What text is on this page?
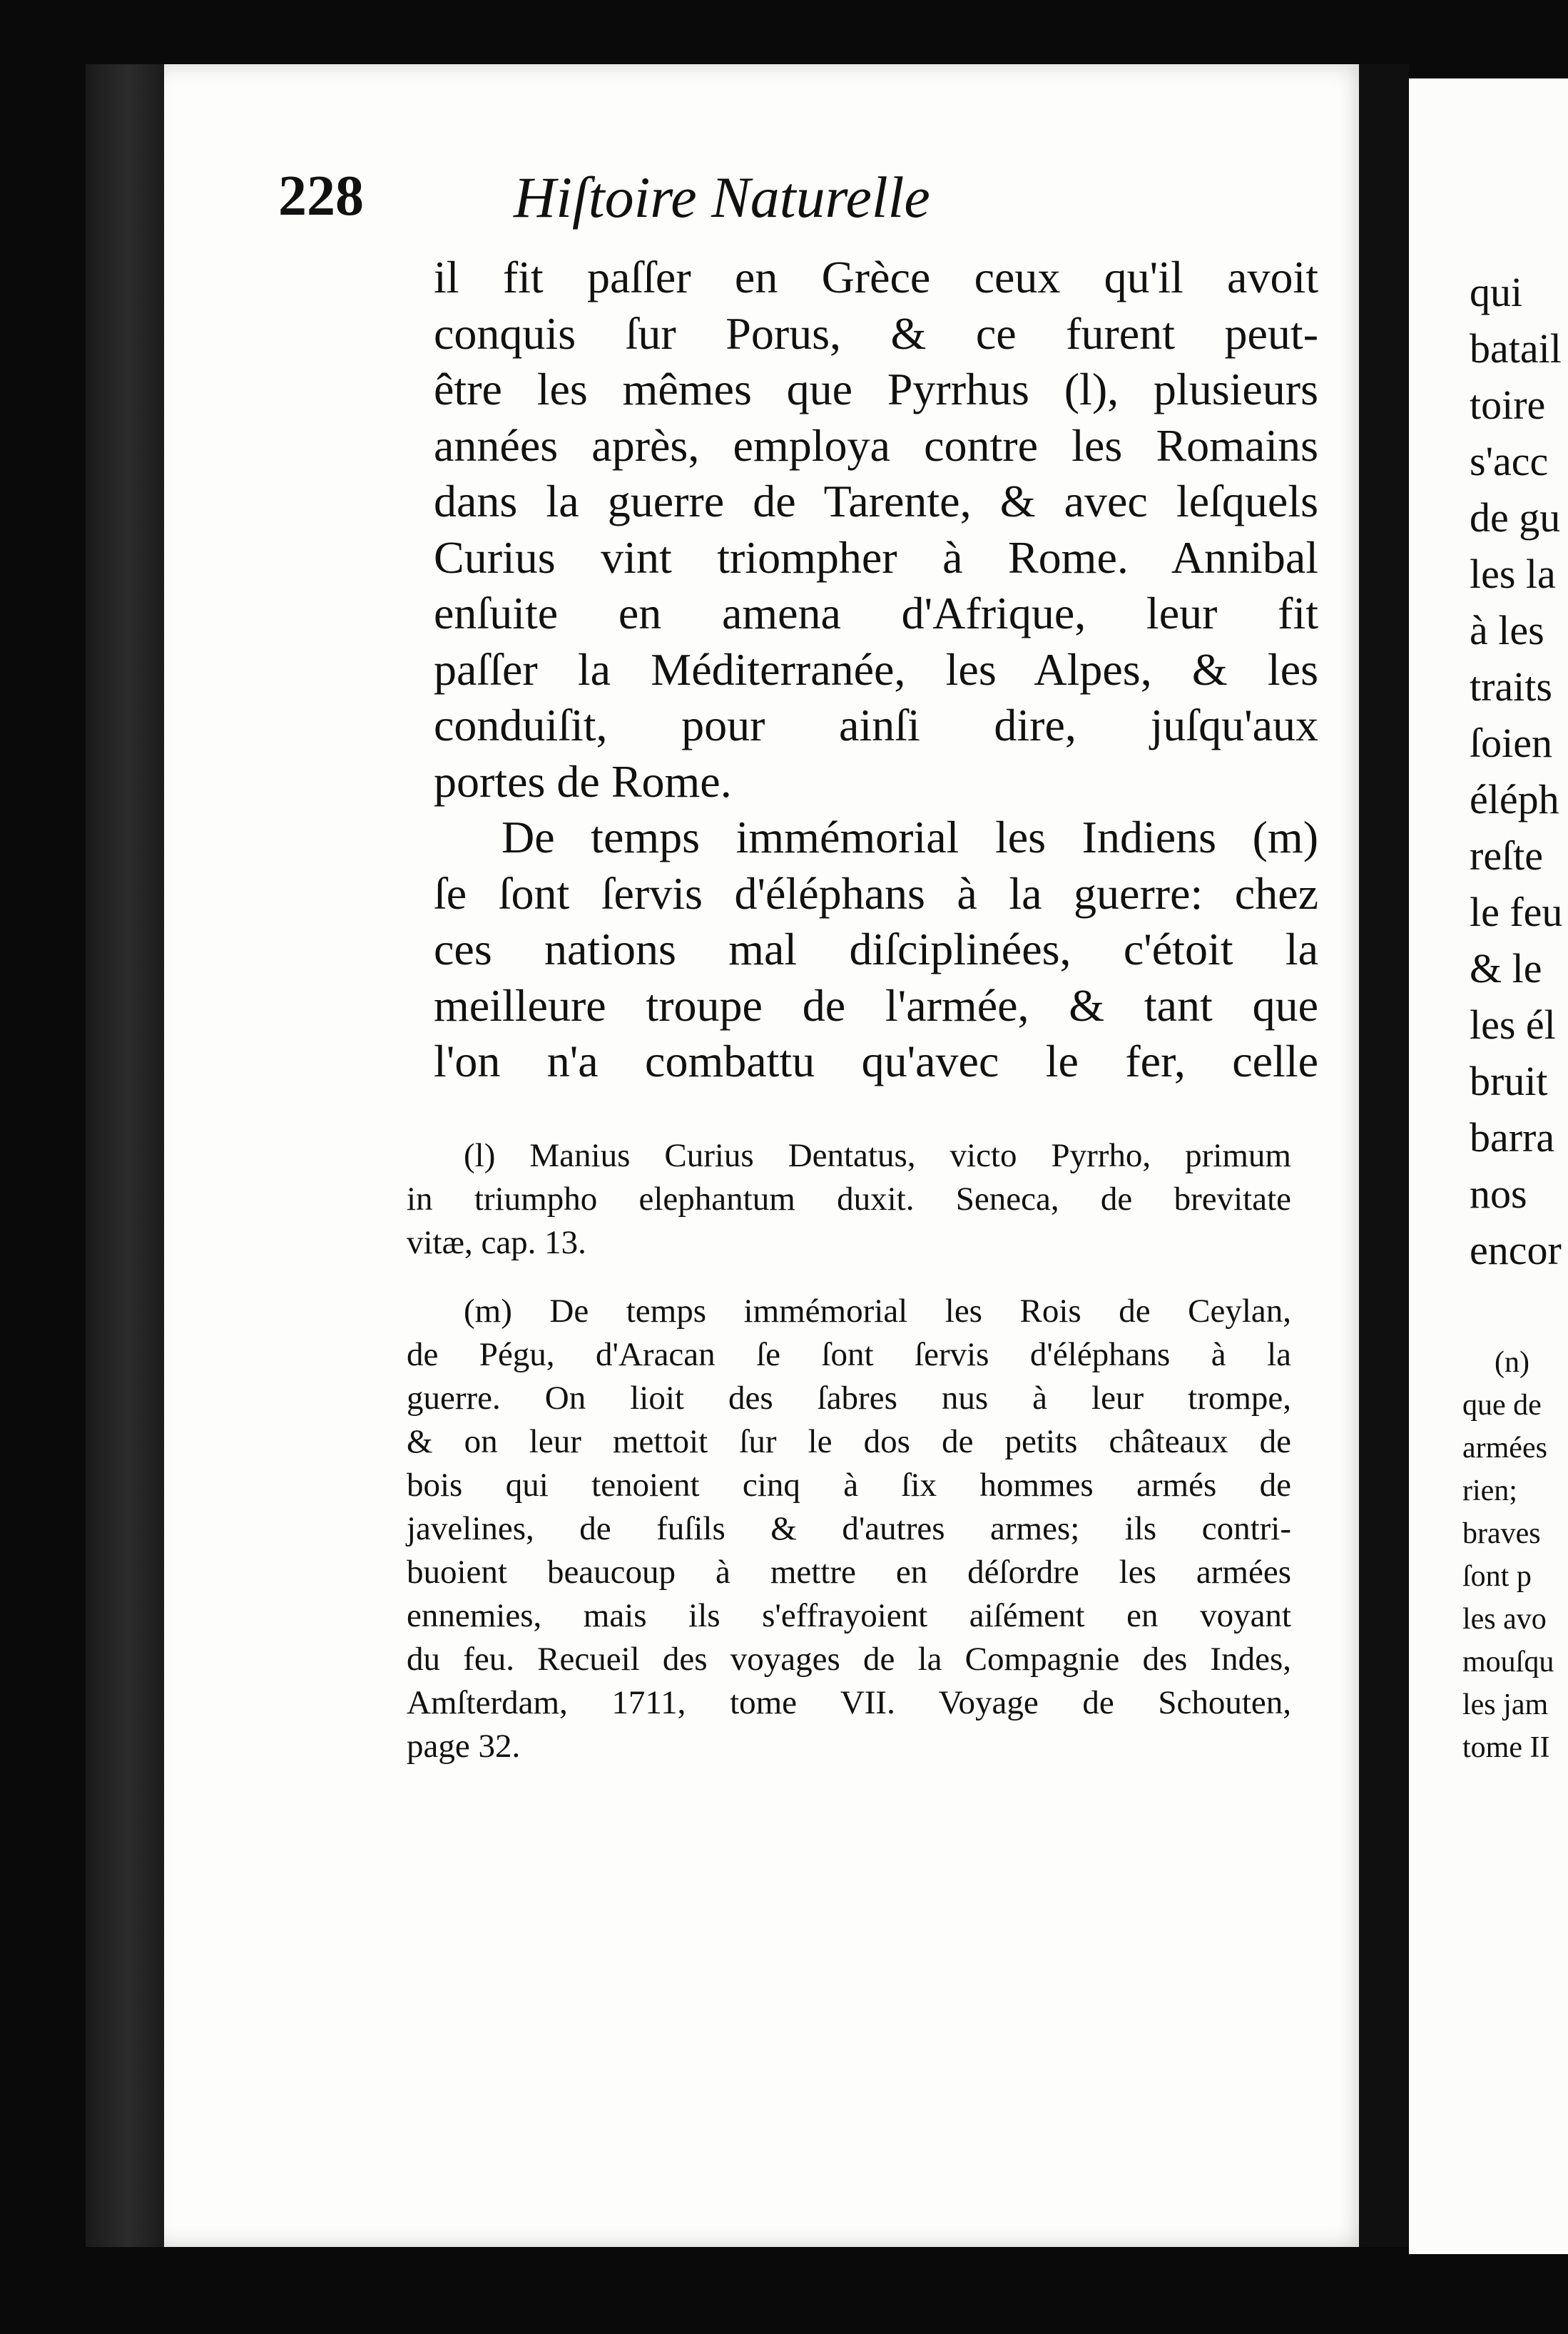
228	Hiſtoire Naturelle
il fit paſſer en Grèce ceux qu'il avoit
conquis ſur Porus, & ce furent peut-
être les mêmes que Pyrrhus (l), plusieurs
années après, employa contre les Romains
dans la guerre de Tarente, & avec leſquels
Curius vint triompher à Rome. Annibal
enſuite en amena d'Afrique, leur fit
paſſer la Méditerranée, les Alpes, & les
conduiſit, pour ainſi dire, juſqu'aux
portes de Rome.
De temps immémorial les Indiens (m)
ſe ſont ſervis d'éléphans à la guerre: chez
ces nations mal diſciplinées, c'étoit la
meilleure troupe de l'armée, & tant que
l'on n'a combattu qu'avec le fer, celle
(l) Manius Curius Dentatus, victo Pyrrho, primum
in triumpho elephantum duxit. Seneca, de brevitate
vitæ, cap. 13.
(m) De temps immémorial les Rois de Ceylan,
de Pégu, d'Aracan ſe ſont ſervis d'éléphans à la
guerre. On lioit des ſabres nus à leur trompe,
& on leur mettoit ſur le dos de petits châteaux de
bois qui tenoient cinq à ſix hommes armés de
javelines, de fuſils & d'autres armes; ils contri-
buoient beaucoup à mettre en déſordre les armées
ennemies, mais ils s'effrayoient aiſément en voyant
du feu. Recueil des voyages de la Compagnie des Indes,
Amſterdam, 1711, tome VII. Voyage de Schouten,
page 32.
qui
batail
toire
s'acc
de gu
les la
à les
traits
ſoien
éléph
reſte
le feu
& le
les él
bruit
barra
nos
encor
(n)
que de
armées
rien;
braves
ſont p
les avo
mouſqu
les jam
tome II
